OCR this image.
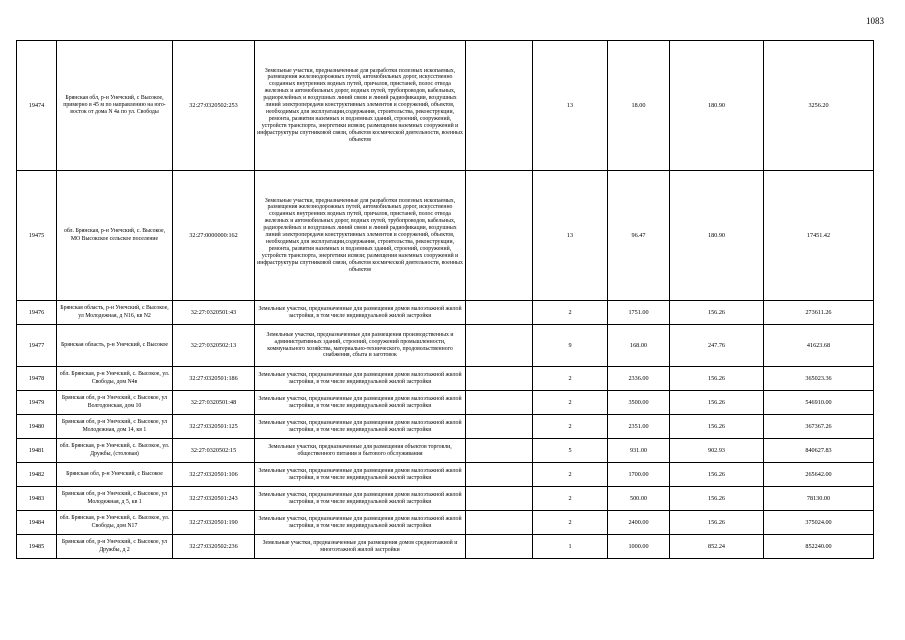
1083
19474	Брянская обл, р-н Унечский, с Высокое, примерно в 45 м по направлению на юго-восток от дома N 4а по ул. Свободы	32:27:0320502:253	Земельные участки, предназначенные для разработки полезных ископаемых, размещения железнодорожных путей, автомобильных дорог, искусственно созданных внутренних водных путей, причалов, пристаней, полос отвода железных и автомобильных дорог, водных путей, трубопроводов, кабельных, радиорелейных и воздушных линий связи и линий радиофикации, воздушных линий электропередачи конструктивных элементов и сооружений, объектов, необходимых для эксплуатации,содержания, строительства, реконструкции, ремонта, развития наземных и подземных зданий, строений, сооружений, устройств транспорта, энергетики исвязи; размещения наземных сооружений и инфраструктуры спутниковой связи, объектов космической деятельности, военных объектов		13	18.00	180.90	3256.20
19475	обл. Брянская, р-н Унечский, с. Высокое, МО Высокское сельское поселение	32:27:0000000:162	Земельные участки, предназначенные для разработки полезных ископаемых, размещения железнодорожных путей, автомобильных дорог, искусственно созданных внутренних водных путей, причалов, пристаней, полос отвода железных и автомобильных дорог, водных путей, трубопроводов, кабельных, радиорелейных и воздушных линий связи и линий радиофикации, воздушных линий электропередачи конструктивных элементов и сооружений, объектов, необходимых для эксплуатации,содержания, строительства, реконструкции, ремонта, развития наземных и подземных зданий, строений, сооружений, устройств транспорта, энергетики исвязи; размещения наземных сооружений и инфраструктуры спутниковой связи, объектов космической деятельности, военных объектов		13	96.47	180.90	17451.42
19476	Брянская область, р-н Унечский, с Высокое, ул Молодежная, д N16, кв N2	32:27:0320501:43	Земельные участки, предназначенные для размещения домов малоэтажной жилой застройки, в том числе индивидуальной жилой застройки		2	1751.00	156.26	273611.26
19477	Брянская область, р-н Унечский, с Высокое	32:27:0320502:13	Земельные участки, предназначенные для размещения производственных и административных зданий, строений, сооружений промышленности, коммунального хозяйства, материально-технического, продовольственного снабжения, сбыта и заготовок		9	168.00	247.76	41623.68
19478	обл. Брянская, р-н Унечский, с. Высокое, ул. Свободы, дом N4в	32:27:0320501:186	Земельные участки, предназначенные для размещения домов малоэтажной жилой застройки, в том числе индивидуальной жилой застройки		2	2336.00	156.26	365023.36
19479	Брянская обл, р-н Унечский, с Высокое, ул Волгодонская, дом 10	32:27:0320501:48	Земельные участки, предназначенные для размещения домов малоэтажной жилой застройки, в том числе индивидуальной жилой застройки		2	3500.00	156.26	546910.00
19480	Брянская обл, р-н Унечский, с Высокое, ул Молодежная, дом 14, кв 1	32:27:0320501:125	Земельные участки, предназначенные для размещения домов малоэтажной жилой застройки, в том числе индивидуальной жилой застройки		2	2351.00	156.26	367367.26
19481	обл. Брянская, р-н Унечский, с. Высокое, ул. Дружбы, (столовая)	32:27:0320502:15	Земельные участки, предназначенные для размещения объектов торговли, общественного питания и бытового обслуживания		5	931.00	902.93	840627.83
19482	Брянская обл, р-н Унечский, с Высокое	32:27:0320501:106	Земельные участки, предназначенные для размещения домов малоэтажной жилой застройки, в том числе индивидуальной жилой застройки		2	1700.00	156.26	265642.00
19483	Брянская обл, р-н Унечский, с Высокое, ул Молодежная, д 5, кв 1	32:27:0320501:243	Земельные участки, предназначенные для размещения домов малоэтажной жилой застройки, в том числе индивидуальной жилой застройки		2	500.00	156.26	78130.00
19484	обл. Брянская, р-н Унечский, с. Высокое, ул. Свободы, дом N17	32:27:0320501:190	Земельные участки, предназначенные для размещения домов малоэтажной жилой застройки, в том числе индивидуальной жилой застройки		2	2400.00	156.26	375024.00
19485	Брянская обл, р-н Унечский, с Высокое, ул Дружбы, д 2	32:27:0320502:236	Земельные участки, предназначенные для размещения домов среднеэтажной и многоэтажной жилой застройки		1	1000.00	852.24	852240.00
